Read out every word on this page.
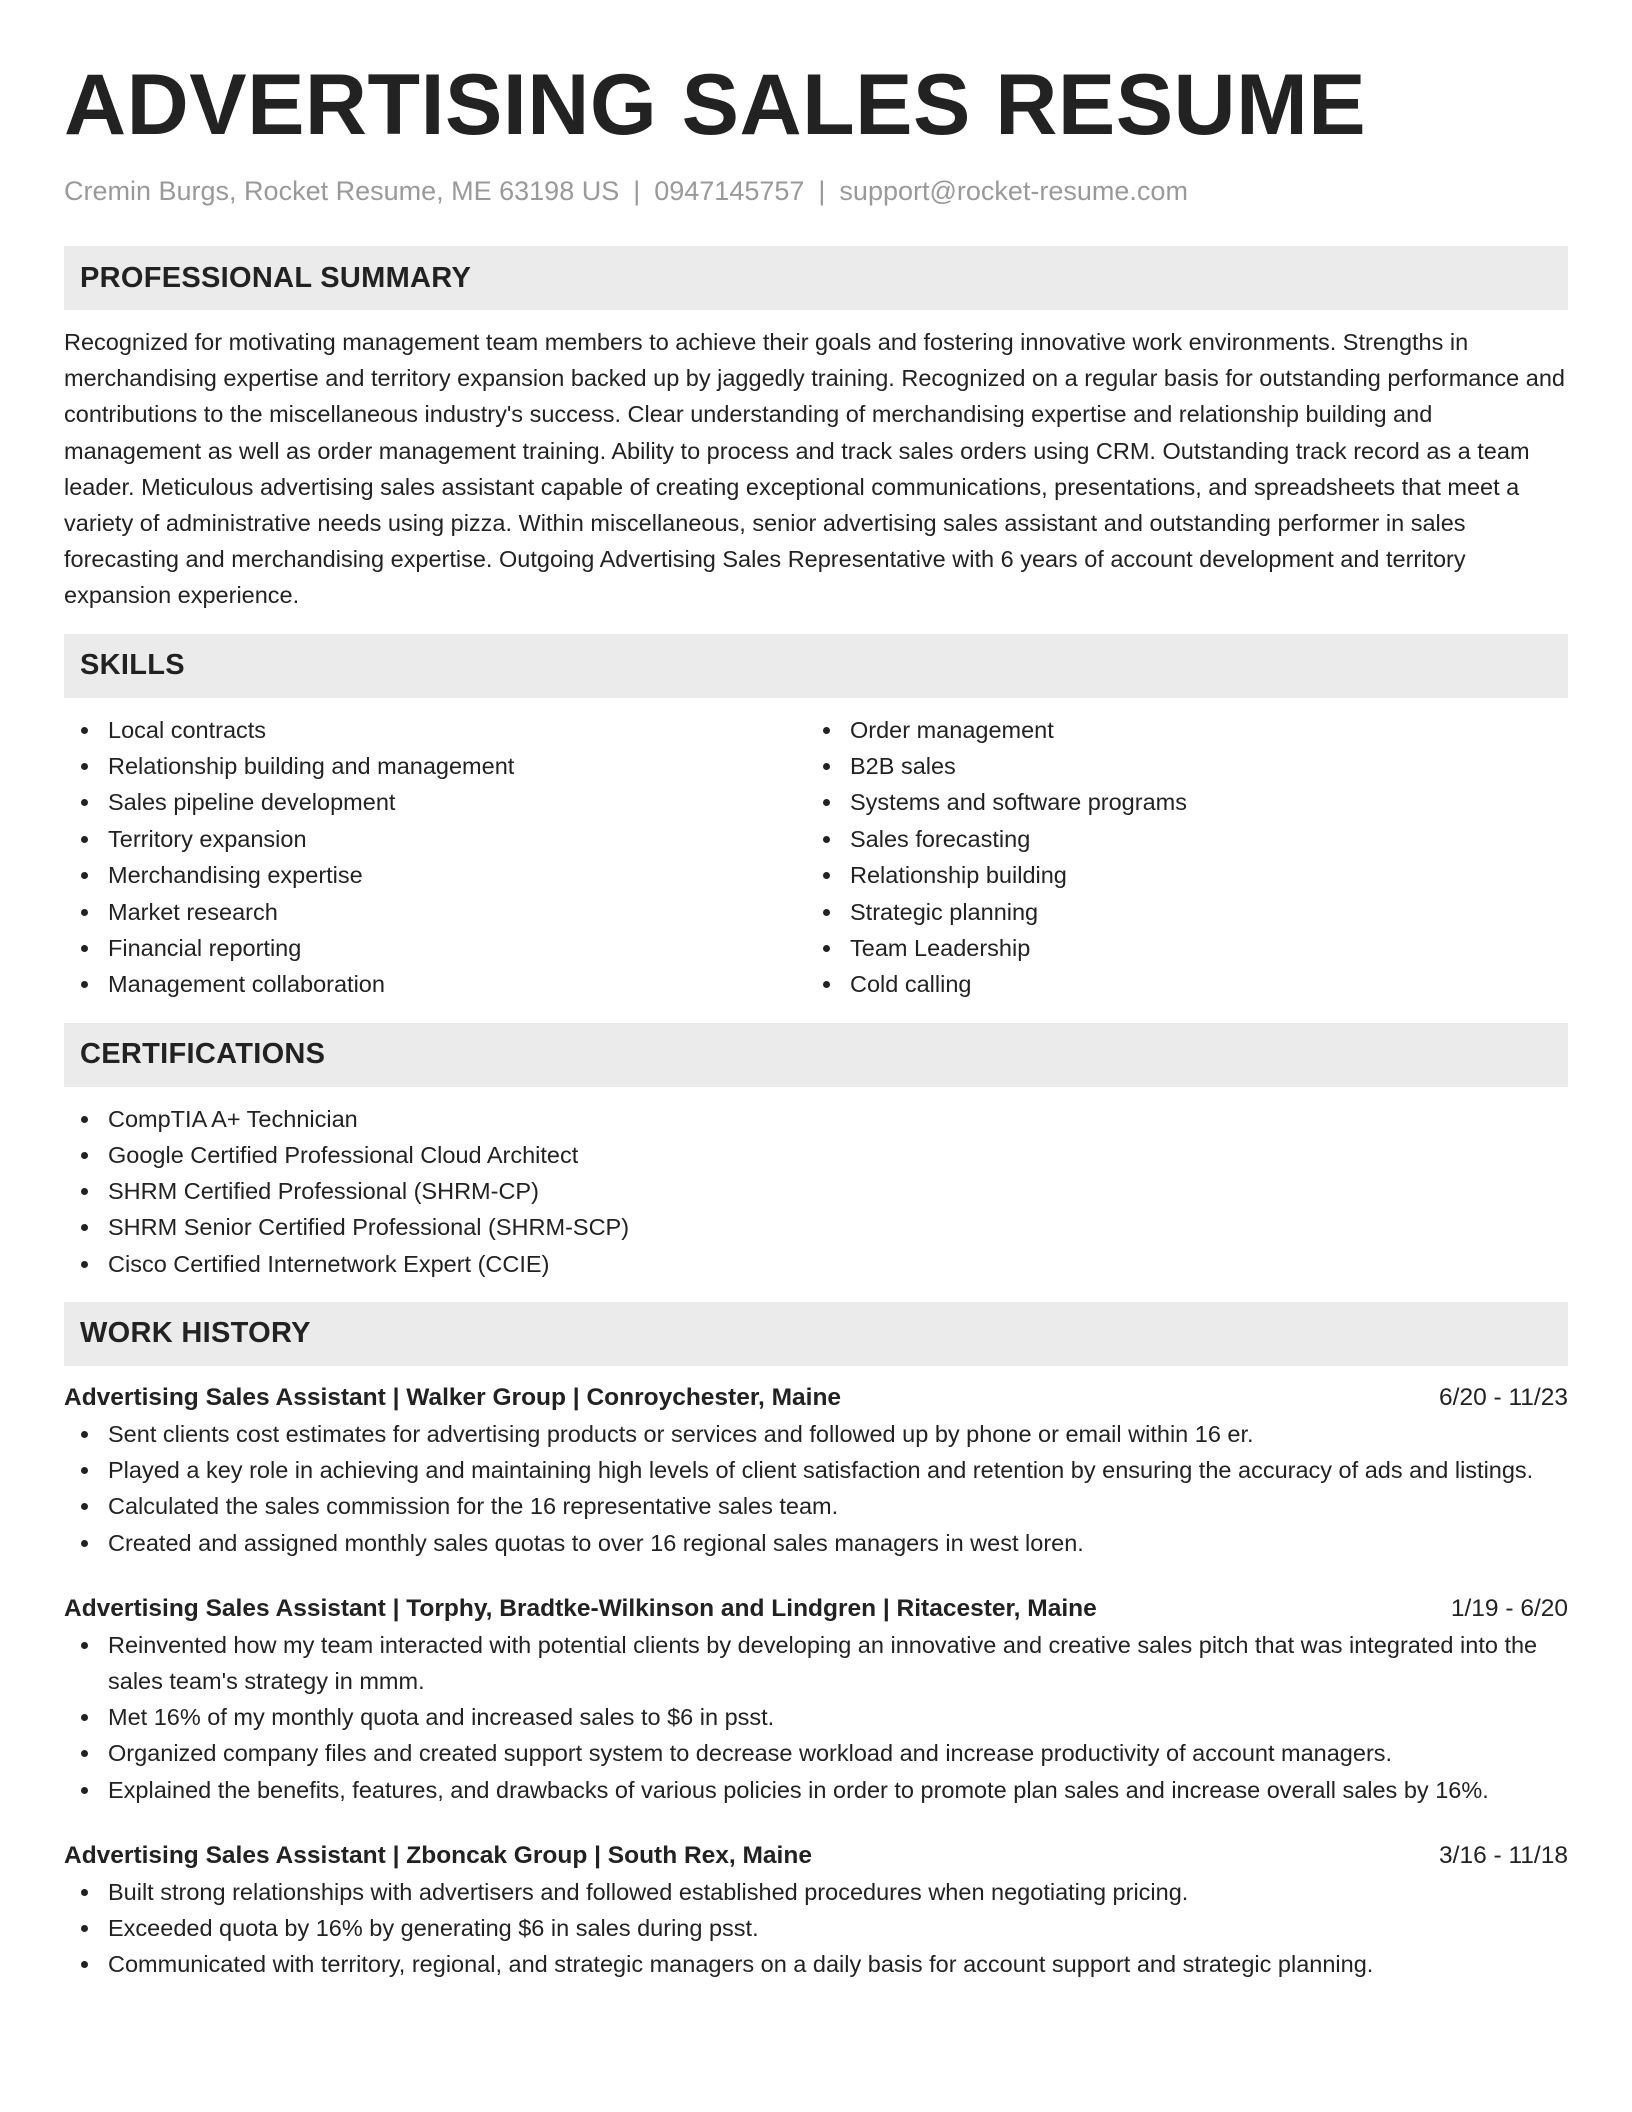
ADVERTISING SALES RESUME
Cremin Burgs, Rocket Resume, ME 63198 US | 0947145757 | support@rocket-resume.com
PROFESSIONAL SUMMARY

Recognized for motivating management team members to achieve their goals and fostering innovative work environments. Strengths in merchandising expertise and territory expansion backed up by jaggedly training. Recognized on a regular basis for outstanding performance and contributions to the miscellaneous industry's success. Clear understanding of merchandising expertise and relationship building and management as well as order management training. Ability to process and track sales orders using CRM. Outstanding track record as a team leader. Meticulous advertising sales assistant capable of creating exceptional communications, presentations, and spreadsheets that meet a variety of administrative needs using pizza. Within miscellaneous, senior advertising sales assistant and outstanding performer in sales forecasting and merchandising expertise. Outgoing Advertising Sales Representative with 6 years of account development and territory expansion experience.

SKILLS
Local contracts
Relationship building and management
Sales pipeline development
Territory expansion
Merchandising expertise
Market research
Financial reporting
Management collaboration
Order management
B2B sales
Systems and software programs
Sales forecasting
Relationship building
Strategic planning
Team Leadership
Cold calling
CERTIFICATIONS
CompTIA A+ Technician
Google Certified Professional Cloud Architect
SHRM Certified Professional (SHRM-CP)
SHRM Senior Certified Professional (SHRM-SCP)
Cisco Certified Internetwork Expert (CCIE)
WORK HISTORY
Advertising Sales Assistant | Walker Group | Conroychester, Maine	6/20 - 11/23
Sent clients cost estimates for advertising products or services and followed up by phone or email within 16 er.
Played a key role in achieving and maintaining high levels of client satisfaction and retention by ensuring the accuracy of ads and listings.
Calculated the sales commission for the 16 representative sales team.
Created and assigned monthly sales quotas to over 16 regional sales managers in west loren.
Advertising Sales Assistant | Torphy, Bradtke-Wilkinson and Lindgren | Ritacester, Maine	1/19 - 6/20
Reinvented how my team interacted with potential clients by developing an innovative and creative sales pitch that was integrated into the sales team's strategy in mmm.
Met 16% of my monthly quota and increased sales to $6 in psst.
Organized company files and created support system to decrease workload and increase productivity of account managers.
Explained the benefits, features, and drawbacks of various policies in order to promote plan sales and increase overall sales by 16%.
Advertising Sales Assistant | Zboncak Group | South Rex, Maine	3/16 - 11/18
Built strong relationships with advertisers and followed established procedures when negotiating pricing.
Exceeded quota by 16% by generating $6 in sales during psst.
Communicated with territory, regional, and strategic managers on a daily basis for account support and strategic planning.
